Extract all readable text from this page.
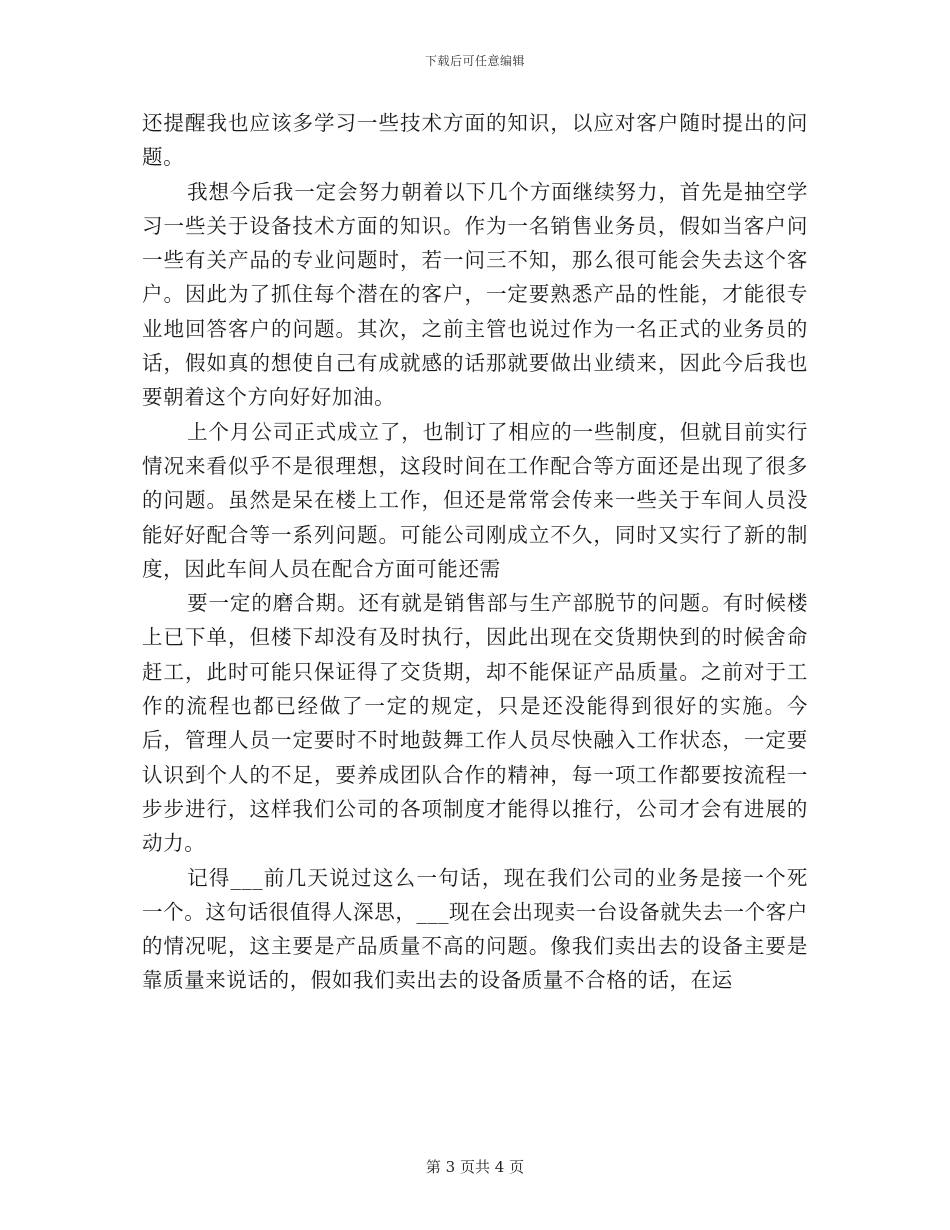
下载后可任意编辑

还提醒我也应该多学习一些技术方面的知识，以应对客户随时提出的问题。

我想今后我一定会努力朝着以下几个方面继续努力，首先是抽空学习一些关于设备技术方面的知识。作为一名销售业务员，假如当客户问一些有关产品的专业问题时，若一问三不知，那么很可能会失去这个客户。因此为了抓住每个潜在的客户，一定要熟悉产品的性能，才能很专业地回答客户的问题。其次，之前主管也说过作为一名正式的业务员的话，假如真的想使自己有成就感的话那就要做出业绩来，因此今后我也要朝着这个方向好好加油。

上个月公司正式成立了，也制订了相应的一些制度，但就目前实行情况来看似乎不是很理想，这段时间在工作配合等方面还是出现了很多的问题。虽然是呆在楼上工作，但还是常常会传来一些关于车间人员没能好好配合等一系列问题。可能公司刚成立不久，同时又实行了新的制度，因此车间人员在配合方面可能还需

要一定的磨合期。还有就是销售部与生产部脱节的问题。有时候楼上已下单，但楼下却没有及时执行，因此出现在交货期快到的时候舍命赶工，此时可能只保证得了交货期，却不能保证产品质量。之前对于工作的流程也都已经做了一定的规定，只是还没能得到很好的实施。今后，管理人员一定要时不时地鼓舞工作人员尽快融入工作状态，一定要认识到个人的不足，要养成团队合作的精神，每一项工作都要按流程一步步进行，这样我们公司的各项制度才能得以推行，公司才会有进展的动力。

记得___前几天说过这么一句话，现在我们公司的业务是接一个死一个。这句话很值得人深思，___现在会出现卖一台设备就失去一个客户的情况呢，这主要是产品质量不高的问题。像我们卖出去的设备主要是靠质量来说话的，假如我们卖出去的设备质量不合格的话，在运

第 3 页共 4 页
